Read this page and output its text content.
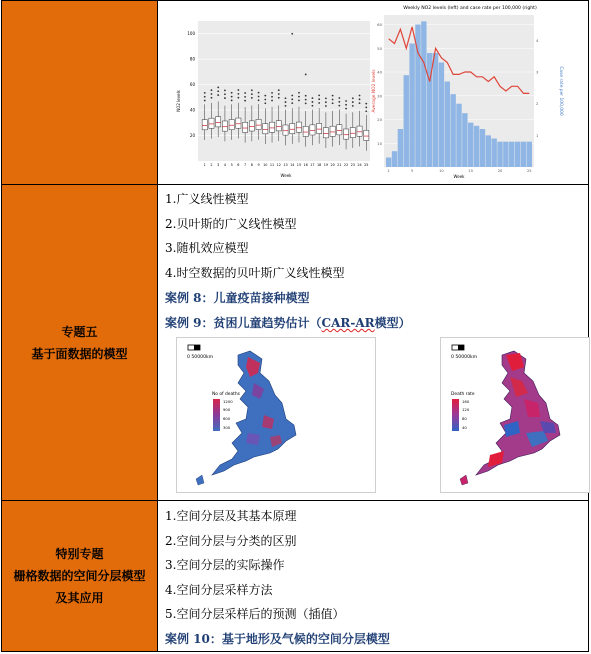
100
80
60
40
20
1 2 3 4 5 6 7 8 9 10 11 12 13 14 15 16 17 18 19 20 21 22 23 24 25
NO2 levels
Week
Weekly NO2 levels (left) and case rate per 100,000 (right)
60
50
40
30
20
10
4
3
2
1
1	5	10	15	20	25
Average NO2 levels	Case rate per 100,000
Week
专题五
基于面数据的模型
1.广义线性模型
2.贝叶斯的广义线性模型
3.随机效应模型
4.时空数据的贝叶斯广义线性模型
案例 8：儿童疫苗接种模型
案例 9：贫困儿童趋势估计（CAR-AR模型）
0 50000km
No of deaths
1200
900
600
300
0 50000km
Death rate
160
120
80
40
特别专题
栅格数据的空间分层模型
及其应用
1.空间分层及其基本原理
2.空间分层与分类的区别
3.空间分层的实际操作
4.空间分层采样方法
5.空间分层采样后的预测（插值）
案例 10：基于地形及气候的空间分层模型
